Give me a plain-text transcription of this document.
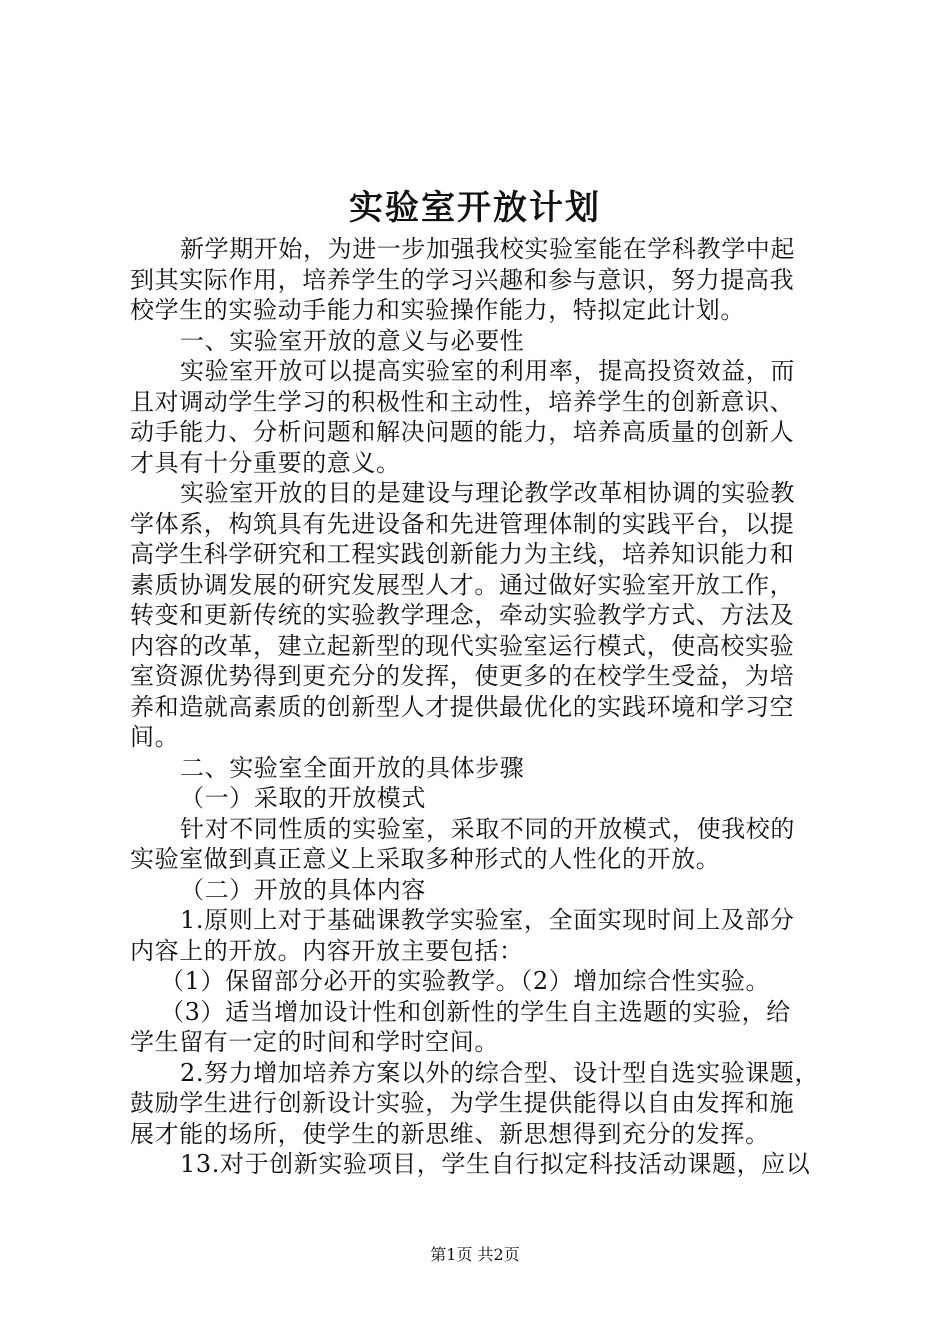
实验室开放计划
新学期开始，为进一步加强我校实验室能在学科教学中起
到其实际作用，培养学生的学习兴趣和参与意识，努力提高我
校学生的实验动手能力和实验操作能力，特拟定此计划。
一、实验室开放的意义与必要性
实验室开放可以提高实验室的利用率，提高投资效益，而
且对调动学生学习的积极性和主动性，培养学生的创新意识、
动手能力、分析问题和解决问题的能力，培养高质量的创新人
才具有十分重要的意义。
实验室开放的目的是建设与理论教学改革相协调的实验教
学体系，构筑具有先进设备和先进管理体制的实践平台，以提
高学生科学研究和工程实践创新能力为主线，培养知识能力和
素质协调发展的研究发展型人才。通过做好实验室开放工作，
转变和更新传统的实验教学理念，牵动实验教学方式、方法及
内容的改革，建立起新型的现代实验室运行模式，使高校实验
室资源优势得到更充分的发挥，使更多的在校学生受益，为培
养和造就高素质的创新型人才提供最优化的实践环境和学习空
间。
二、实验室全面开放的具体步骤
（一）采取的开放模式
针对不同性质的实验室，采取不同的开放模式，使我校的
实验室做到真正意义上采取多种形式的人性化的开放。
（二）开放的具体内容
1.原则上对于基础课教学实验室，全面实现时间上及部分
内容上的开放。内容开放主要包括：
（1）保留部分必开的实验教学。（2）增加综合性实验。
（3）适当增加设计性和创新性的学生自主选题的实验，给
学生留有一定的时间和学时空间。
2.努力增加培养方案以外的综合型、设计型自选实验课题，
鼓励学生进行创新设计实验，为学生提供能得以自由发挥和施
展才能的场所，使学生的新思维、新思想得到充分的发挥。
13.对于创新实验项目，学生自行拟定科技活动课题，应以
第1页 共2页
